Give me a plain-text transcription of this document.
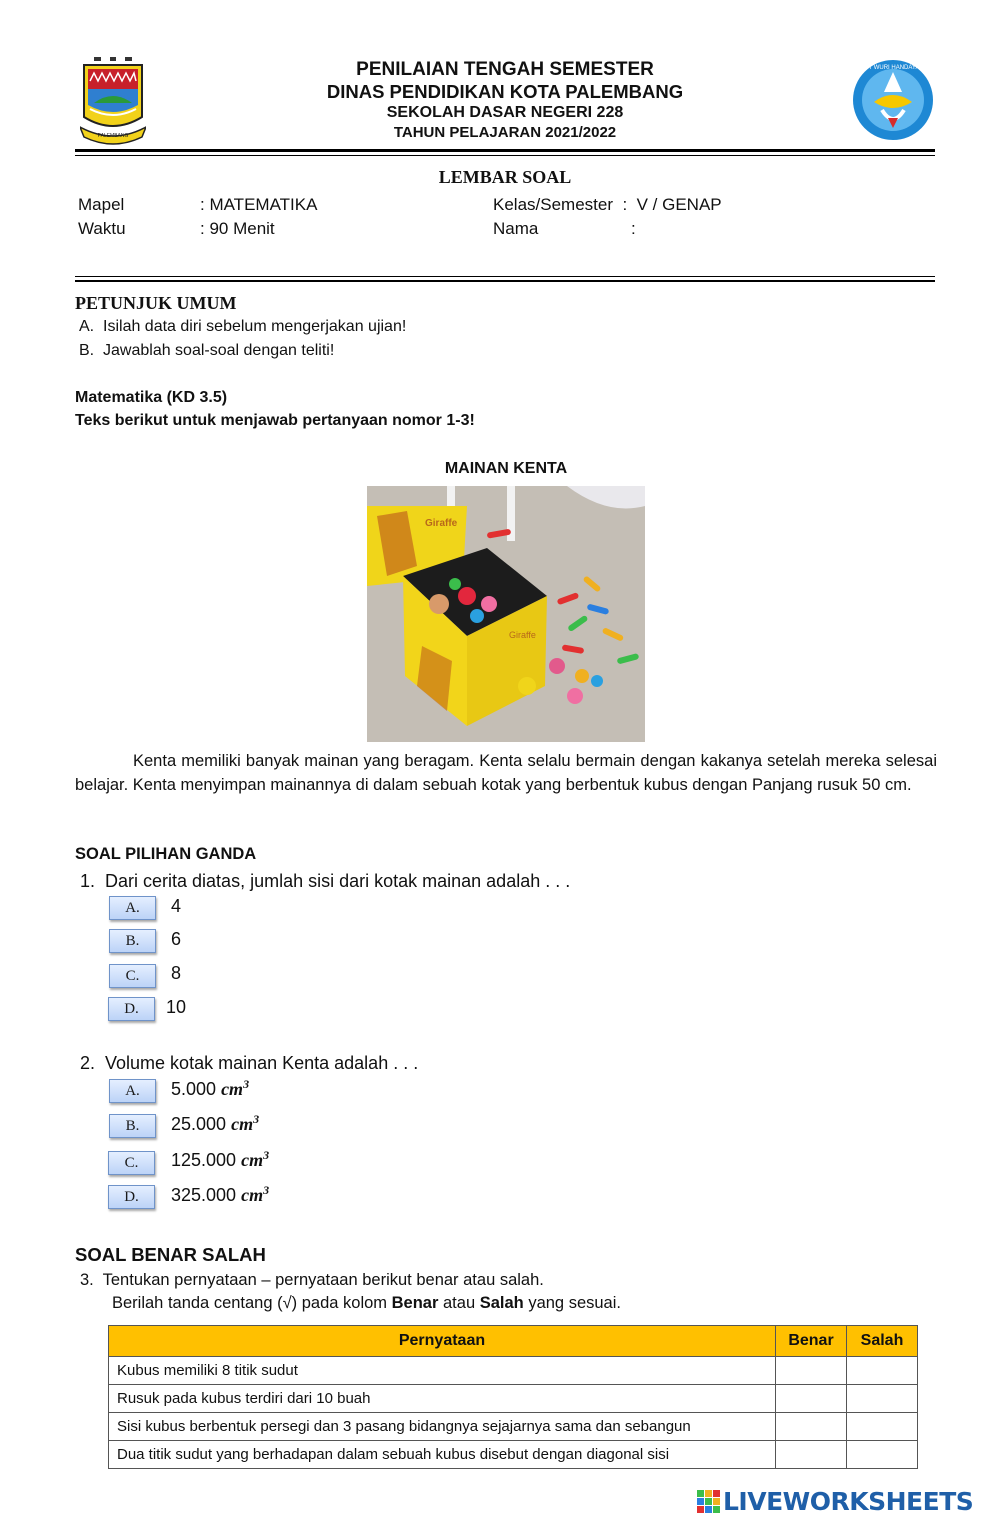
PALEMBANG
TUT WURI HANDAYANI
PENILAIAN TENGAH SEMESTER
DINAS PENDIDIKAN KOTA PALEMBANG
SEKOLAH DASAR NEGERI 228
TAHUN PELAJARAN 2021/2022
LEMBAR SOAL
Mapel	: MATEMATIKA	Kelas/Semester  :  V / GENAP
Waktu	: 90 Menit	Nama	:
PETUNJUK UMUM
A.  Isilah data diri sebelum mengerjakan ujian!
B.  Jawablah soal-soal dengan teliti!
Matematika (KD 3.5)
Teks berikut untuk menjawab pertanyaan nomor 1-3!
MAINAN KENTA
Giraffe
Giraffe
Kenta memiliki banyak mainan yang beragam. Kenta selalu bermain dengan kakanya setelah mereka selesai belajar. Kenta menyimpan mainannya di dalam sebuah kotak yang berbentuk kubus dengan Panjang rusuk 50 cm.
SOAL PILIHAN GANDA
1.  Dari cerita diatas, jumlah sisi dari kotak mainan adalah . . .
A.	4
B.	6
C.	8
D.	10
2.  Volume kotak mainan Kenta adalah . . .
A.	5.000 $cm^3$
B.	25.000 $cm^3$
C.	125.000 $cm^3$
D.	325.000 $cm^3$
SOAL BENAR SALAH
3.  Tentukan pernyataan – pernyataan berikut benar atau salah.
Berilah tanda centang (√) pada kolom Benar atau Salah yang sesuai.
Pernyataan	Benar	Salah
Kubus memiliki 8 titik sudut		
Rusuk pada kubus terdiri dari 10 buah		
Sisi kubus berbentuk persegi dan 3 pasang bidangnya sejajarnya sama dan sebangun		
Dua titik sudut yang berhadapan dalam sebuah kubus disebut dengan diagonal sisi		
LIVEWORKSHEETS
